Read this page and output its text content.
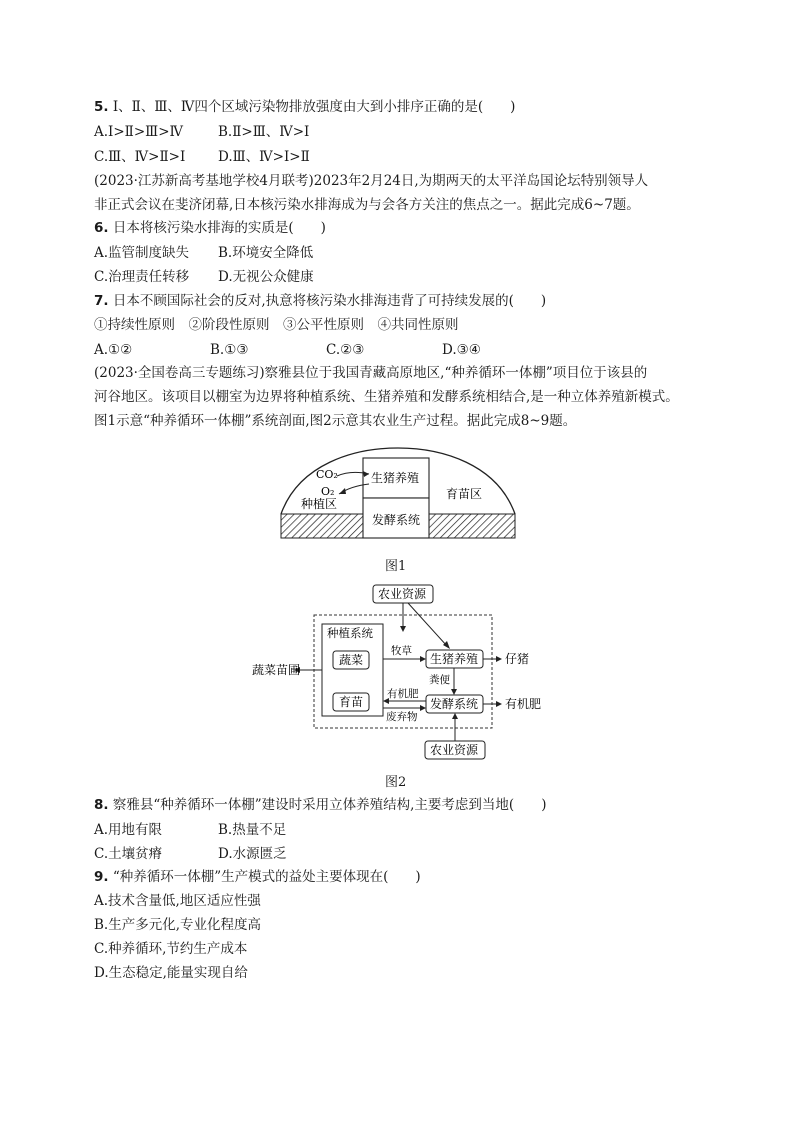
5. Ⅰ、Ⅱ、Ⅲ、Ⅳ四个区域污染物排放强度由大到小排序正确的是(　　)
A.Ⅰ>Ⅱ>Ⅲ>Ⅳ	B.Ⅱ>Ⅲ、Ⅳ>Ⅰ
C.Ⅲ、Ⅳ>Ⅱ>Ⅰ D.Ⅲ、Ⅳ>Ⅰ>Ⅱ
(2023·江苏新高考基地学校4月联考)2023年2月24日,为期两天的太平洋岛国论坛特别领导人
非正式会议在斐济闭幕,日本核污染水排海成为与会各方关注的焦点之一。据此完成6~7题。
6. 日本将核污染水排海的实质是(　　)
A.监管制度缺失 B.环境安全降低
C.治理责任转移 D.无视公众健康
7. 日本不顾国际社会的反对,执意将核污染水排海违背了可持续发展的(　　)
①持续性原则　②阶段性原则　③公平性原则　④共同性原则
A.①②	B.①③	C.②③	D.③④
(2023·全国卷高三专题练习)察雅县位于我国青藏高原地区,“种养循环一体棚”项目位于该县的
河谷地区。该项目以棚室为边界将种植系统、生猪养殖和发酵系统相结合,是一种立体养殖新模式。
图1示意“种养循环一体棚”系统剖面,图2示意其农业生产过程。据此完成8~9题。
CO₂
O₂
生猪养殖
种植区
育苗区
发酵系统
图1
农业资源
种植系统
蔬菜
育苗
生猪养殖
发酵系统
牧草
粪便
有机肥
废弃物
蔬菜苗圃
仔猪
有机肥
农业资源
图2
8. 察雅县“种养循环一体棚”建设时采用立体养殖结构,主要考虑到当地(　　)
A.用地有限	B.热量不足
C.土壤贫瘠	D.水源匮乏
9. “种养循环一体棚”生产模式的益处主要体现在(　　)
A.技术含量低,地区适应性强
B.生产多元化,专业化程度高
C.种养循环,节约生产成本
D.生态稳定,能量实现自给
